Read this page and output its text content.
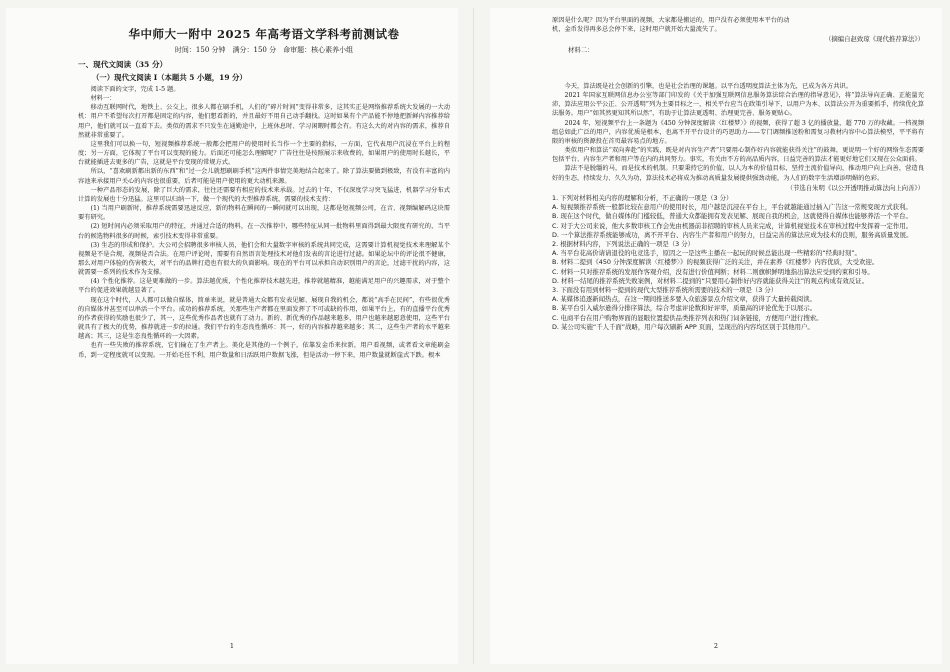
华中师大一附中 2025 年高考语文学科考前测试卷
时间：150 分钟　满分：150 分　命审题：核心素养小组
一、现代文阅读（35 分）
（一）现代文阅读 I（本题共 5 小题，19 分）

阅读下面的文字，完成 1-5 题。

材料一：

移动互联网时代，地铁上、公交上，很多人都在刷手机，人们的“碎片时间”变得非常多，这其实正是网络推荐系统大发展的一大动机：用户不希望每次打开都是固定的内容，他们想看新的，并且最好不用自己动手翻找。这时如果有个产品能不停地把新鲜内容推荐给用户，他们就可以一直看下去。类似的需求不只发生在通勤途中，上班休息时、学习闲暇时都会有。有这么大的对内容的需求，推荐自然就非常重要了。

这里我们可以换一句，短视频推荐系统一般都会把用户的使用时长当作一个主要的指标，一方面，它代表用户沉浸在平台上的程度；另一方面，它体现了平台可以变现的能力。后面还可能怎么理解呢？广告往往是按照展示来收费的，如果用户的使用时长越长，平台就能插进去更多的广告，这就是平台变现的常规方式。

所以，“喜欢刷新都出新的东西”和“过一会儿就想刷刷手机”这两件事情完美地结合起来了。除了算法要做到极致，有没有丰富的内容池来承接用户关心的内容也很重要，后者可能是用户使用的更大动机来源。

一种产品形态的发展，除了巨大的需求，往往还需要有相应的技术来承载。过去的十年，不仅深度学习突飞猛进，机器学习分布式计算的发展也十分迅猛。这里可以归纳一下，做一个现代的大型推荐系统，需要的技术支持：

(1) 当用户刷新时，推荐系统需要迅速反应，新的物料在瞬间的一瞬间就可以出现，这都是短视频公司，在音、视频编解码这块需要有研究。

(2) 短时间内必须采取用户的特征，并通过合适的物料，在一次推荐中，哪些特征从同一批物料里面得到最大限度有研究的，当平台的候选物料很多的时候，索引技术变得非常重要。

(3) 生态的形成和保护。大公司会招聘很多审核人员，他们会和大量数字审核的系统共同完成，这需要计算机视觉技术来理解某个视频是不是合规，视频是否合法。在用户评论时，需要有自然语言处理技术对他们发表的言论进行过滤。如果论坛中的评论很不健康，那么对用户体验的伤害极大，对平台的品牌打造也有很大的负面影响。现在的平台可以承担自动识别用户的言论，过滤干扰的内容，这就需要一系列的技术作为支撑。

(4) 个性化推荐。这是更难做的一步。算法越优质，个性化推荐技术越先进，推荐就越精准，越能满足用户的兴趣需求，对于整个平台的促进效果就越显著了。

现在这个时代，人人都可以做自媒体，简单来说，就是普通大众都有发表见解、展现自我的机会，都说“高手在民间”，有些很优秀的自媒体并甚至可以串活一个平台。成功的推荐系统，关那些生产者都在里面发挥了不可或缺的作用，如果平台上，有的直播平台优秀的作者获得的奖励也很少了，其一，这些优秀作品者也就有了动力。新的、新优秀的作品越来越多，用户也越来越愿意使用，这些平台就具有了极大的优势，推荐就进一步的拉通。我们平台的生态良性循环：其一，好的内容推荐越来越多；其二，这些生产者的水平越来越高；其三，这是生态良性循环的一大因素。

也有一些失败的推荐系统，它们输在了生产者上。美化是其他的一个例子，依靠发金币来拉新，用户看视频，或者看文章能刷金币，到一定程度就可以变现。一开始毛任不利，用户数量和日活跃用户数据飞涨，但是活动一停下来，用户数量就断崖式下跌。根本

1

原因是什么呢？因为平台里面的视频，大家都是搬运的，用户没有必须使用本平台的动

机，金币发得再多总会停下来，这时用户就开始大量流失了。

（摘编自赵致琼《现代推荐算法》）
材料二：

今天，算法既是社会创新的引擎，也是社会治理的课题。以平台透明度算法主体为先，已成为各方共识。

2021 年国家互联网信息办公室等部门印发的《关于加强互联网信息服务算法综合治理的指导意见》，将“算法导向正确、正能量充沛，算法应用公平公正、公开透明”列为主要目标之一，相关平台应当在政策引导下，以用户为本、以算法公开为重要抓手，持续优化算法服务。用户“如其然更知其所以然”，有助于让算法更透明、治理更完善、服务更贴心。

2024 年，短视频平台上一条题为《450 分钟深度解读〈红楼梦〉》的视频，获得了超 3 亿的播放量，超 770 万的收藏。一档视频组总如此广泛的用户，内容优质是根本，也离不开平台设计的巧思助力——专门调频推送粉和需复习教材内容中心算法模型，平平将有限的审核的资源投在首页最容易点的地方。

类似用户和算法“双向奔赴”的实践，既是对内容生产者“只要用心制作好内容就能获得关注”的鼓舞，更说明一个好的网络生态需要包括平台、内容生产者和用户等在内的共同努力。事实，有关由不方的高品质内容，日益完善的算法才能更好地它们又现在公众面前。

算法不是脱缰的马，而是技术的机制。只要秉持它的价值，以人为本的价值目标，坚持主流价值导向，推动用户向上向善，营造良好的生态，持续发力、久久为功，算法技术必将成为推动高质量发展提供强劲动能，为人们的数字生活增添明媚的色彩。

（节选自朱明《以公开透明推动算法向上向善》）

1. 下列对材料相关内容的理解和分析，不正确的一项是（3 分）

A. 短视频推荐系统一般都比较在意用户的使用时长，用户越是沉浸在平台上，平台就越能通过插入广告这一常规变现方式获利。

B. 现在这个时代，做自媒体的门槛较低，普通大众都能拥有发表见解、展现自我的机会，这就使得自媒体也能够养活一个平台。

C. 对于大公司来说，他大多数审核工作会先由机器前非招聘的审核人员来完成，计算机视觉技术在审核过程中发挥着一定作用。

D. 一个算法推荐系统能够成功，离不开平台、内容生产者和用户的努力，日益完善的算法应成为技术的良则，服务高质量发展。

2. 根据材料内容，下列说法正确的一项是（3 分）

A. 当平台花高价请请退役的电竞选手，原因之一是这些主播在一起玩的时候总能出现一些精彩的“经典时刻”。

B. 材料二提到《450 分钟深度解读〈红楼梦〉》的视频获得广泛的关注，并在素养《红楼梦》内容优质，大受欢迎。

C. 材料一只对推荐系统的发展作客观介绍，没有进行价值判断；材料二则旗帜鲜明地指出算法应受到约束和引导。

D. 材料一结尾的推荐系统失败案例，对材料二提到的“只要用心制作好内容就能获得关注”的观点构成有效反证。

3. 下面没有用到材料一提到的现代大型推荐系统所需要的技术的一项是（3 分）

A. 某媒体追逐新闻热点，在这一期间推送多要入众旅游景点介绍文章，获得了大量转载阅读。

B. 某平台引入威尔逊得分排序算法，综合考虑评论数和好评率，质量高的评论优先于以展示。

C. 电商平台在用户购物界面的显眼位置提供品类推荐列表和热门词条链接，方便用户进行搜索。

D. 某公司实施“千人千面”战略，用户每次刷新 APP 页面，呈现出的内容均区别于其他用户。

2
